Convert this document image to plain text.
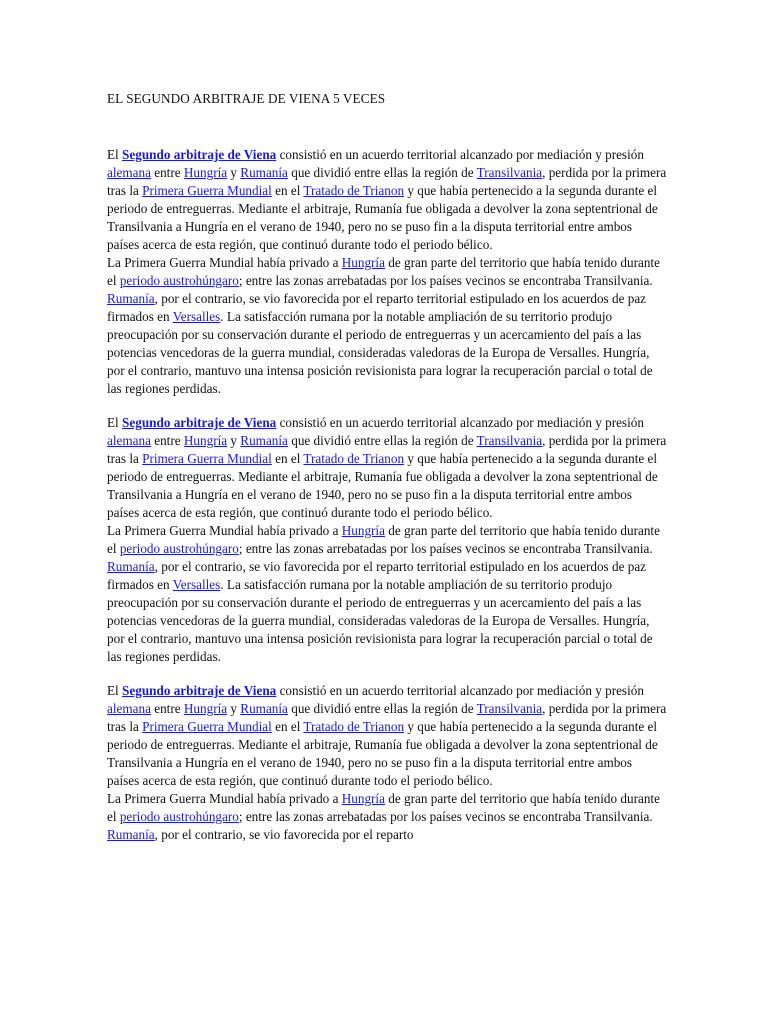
EL SEGUNDO ARBITRAJE DE VIENA 5 VECES

El Segundo arbitraje de Viena consistió en un acuerdo territorial alcanzado por mediación y presión alemana entre Hungría y Rumanía que dividió entre ellas la región de Transilvania, perdida por la primera tras la Primera Guerra Mundial en el Tratado de Trianon y que había pertenecido a la segunda durante el periodo de entreguerras. Mediante el arbitraje, Rumanía fue obligada a devolver la zona septentrional de Transilvania a Hungría en el verano de 1940, pero no se puso fin a la disputa territorial entre ambos países acerca de esta región, que continuó durante todo el periodo bélico.

La Primera Guerra Mundial había privado a Hungría de gran parte del territorio que había tenido durante el periodo austrohúngaro; entre las zonas arrebatadas por los países vecinos se encontraba Transilvania. Rumanía, por el contrario, se vio favorecida por el reparto territorial estipulado en los acuerdos de paz firmados en Versalles. La satisfacción rumana por la notable ampliación de su territorio produjo preocupación por su conservación durante el periodo de entreguerras y un acercamiento del país a las potencias vencedoras de la guerra mundial, consideradas valedoras de la Europa de Versalles. Hungría, por el contrario, mantuvo una intensa posición revisionista para lograr la recuperación parcial o total de las regiones perdidas.

El Segundo arbitraje de Viena consistió en un acuerdo territorial alcanzado por mediación y presión alemana entre Hungría y Rumanía que dividió entre ellas la región de Transilvania, perdida por la primera tras la Primera Guerra Mundial en el Tratado de Trianon y que había pertenecido a la segunda durante el periodo de entreguerras. Mediante el arbitraje, Rumanía fue obligada a devolver la zona septentrional de Transilvania a Hungría en el verano de 1940, pero no se puso fin a la disputa territorial entre ambos países acerca de esta región, que continuó durante todo el periodo bélico.

La Primera Guerra Mundial había privado a Hungría de gran parte del territorio que había tenido durante el periodo austrohúngaro; entre las zonas arrebatadas por los países vecinos se encontraba Transilvania. Rumanía, por el contrario, se vio favorecida por el reparto territorial estipulado en los acuerdos de paz firmados en Versalles. La satisfacción rumana por la notable ampliación de su territorio produjo preocupación por su conservación durante el periodo de entreguerras y un acercamiento del país a las potencias vencedoras de la guerra mundial, consideradas valedoras de la Europa de Versalles. Hungría, por el contrario, mantuvo una intensa posición revisionista para lograr la recuperación parcial o total de las regiones perdidas.

El Segundo arbitraje de Viena consistió en un acuerdo territorial alcanzado por mediación y presión alemana entre Hungría y Rumanía que dividió entre ellas la región de Transilvania, perdida por la primera tras la Primera Guerra Mundial en el Tratado de Trianon y que había pertenecido a la segunda durante el periodo de entreguerras. Mediante el arbitraje, Rumanía fue obligada a devolver la zona septentrional de Transilvania a Hungría en el verano de 1940, pero no se puso fin a la disputa territorial entre ambos países acerca de esta región, que continuó durante todo el periodo bélico.

La Primera Guerra Mundial había privado a Hungría de gran parte del territorio que había tenido durante el periodo austrohúngaro; entre las zonas arrebatadas por los países vecinos se encontraba Transilvania. Rumanía, por el contrario, se vio favorecida por el reparto
